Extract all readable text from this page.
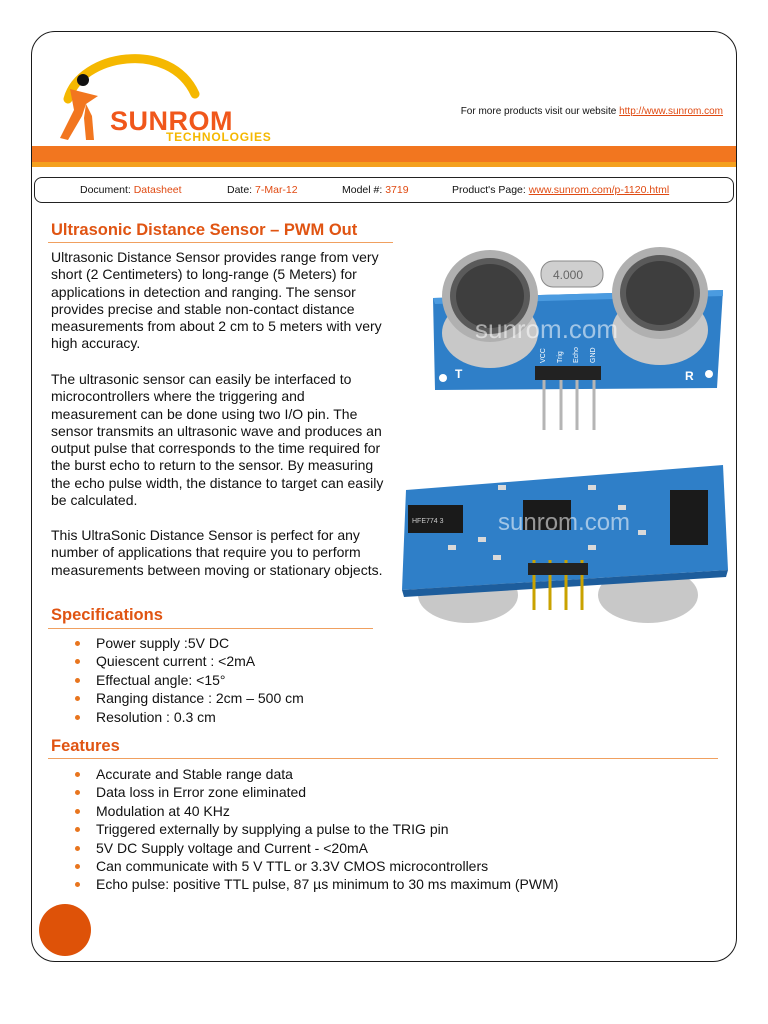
SUNROM
TECHNOLOGIES
For more products visit our website http://www.sunrom.com
Document: Datasheet	Date: 7-Mar-12	Model #: 3719	Product's Page: www.sunrom.com/p-1120.html
Ultrasonic Distance Sensor – PWM Out

Ultrasonic Distance Sensor provides range from very short (2 Centimeters) to long-range (5 Meters) for applications in detection and ranging. The sensor provides precise and stable non-contact distance measurements from about 2 cm to 5 meters with very high accuracy.

The ultrasonic sensor can easily be interfaced to microcontrollers where the triggering and measurement can be done using two I/O pin. The sensor transmits an ultrasonic wave and produces an output pulse that corresponds to the time required for the burst echo to return to the sensor. By measuring the echo pulse width, the distance to target can easily be calculated.

This UltraSonic Distance Sensor is perfect for any number of applications that require you to perform measurements between moving or stationary objects.

4.000
sunrom.com
T	R
VCC Trig Echo GND
HFE774 3 sunrom.com
Specifications
Power supply :5V DC
Quiescent current : <2mA
Effectual angle: <15°
Ranging distance : 2cm – 500 cm
Resolution : 0.3 cm
Features
Accurate and Stable range data
Data loss in Error zone eliminated
Modulation at 40 KHz
Triggered externally by supplying a pulse to the TRIG pin
5V DC Supply voltage and Current - <20mA
Can communicate with 5 V TTL or 3.3V CMOS microcontrollers
Echo pulse: positive TTL pulse, 87 µs minimum to 30 ms maximum (PWM)
